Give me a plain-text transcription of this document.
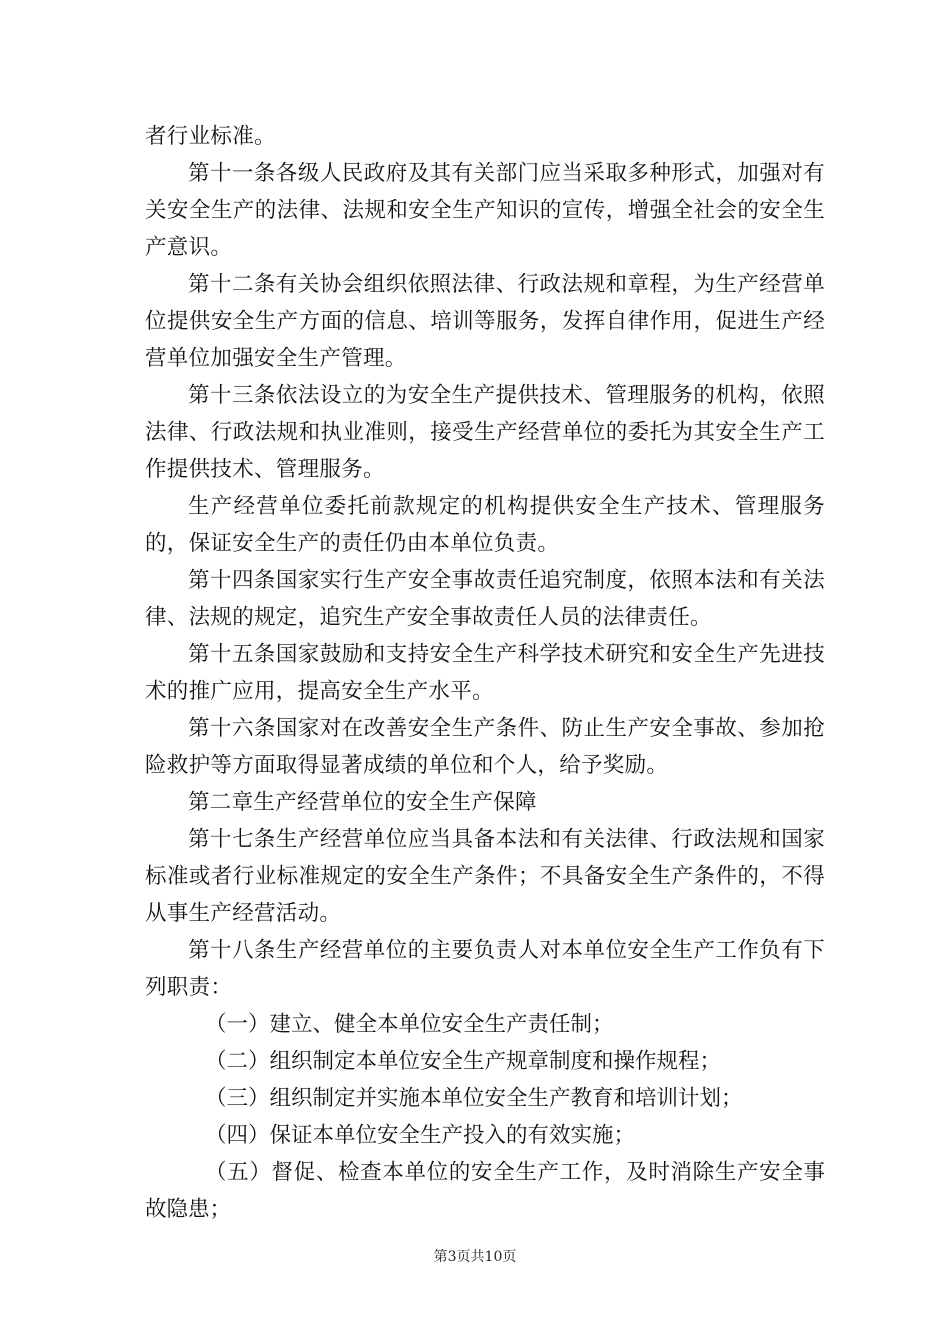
者行业标准。

第十一条各级人民政府及其有关部门应当采取多种形式，加强对有关安全生产的法律、法规和安全生产知识的宣传，增强全社会的安全生产意识。

第十二条有关协会组织依照法律、行政法规和章程，为生产经营单位提供安全生产方面的信息、培训等服务，发挥自律作用，促进生产经营单位加强安全生产管理。

第十三条依法设立的为安全生产提供技术、管理服务的机构，依照法律、行政法规和执业准则，接受生产经营单位的委托为其安全生产工作提供技术、管理服务。

生产经营单位委托前款规定的机构提供安全生产技术、管理服务的，保证安全生产的责任仍由本单位负责。

第十四条国家实行生产安全事故责任追究制度，依照本法和有关法律、法规的规定，追究生产安全事故责任人员的法律责任。

第十五条国家鼓励和支持安全生产科学技术研究和安全生产先进技术的推广应用，提高安全生产水平。

第十六条国家对在改善安全生产条件、防止生产安全事故、参加抢险救护等方面取得显著成绩的单位和个人，给予奖励。

第二章生产经营单位的安全生产保障

第十七条生产经营单位应当具备本法和有关法律、行政法规和国家标准或者行业标准规定的安全生产条件；不具备安全生产条件的，不得从事生产经营活动。

第十八条生产经营单位的主要负责人对本单位安全生产工作负有下列职责：

（一）建立、健全本单位安全生产责任制；

（二）组织制定本单位安全生产规章制度和操作规程；

（三）组织制定并实施本单位安全生产教育和培训计划；

（四）保证本单位安全生产投入的有效实施；

（五）督促、检查本单位的安全生产工作，及时消除生产安全事故隐患；

第3页共10页
